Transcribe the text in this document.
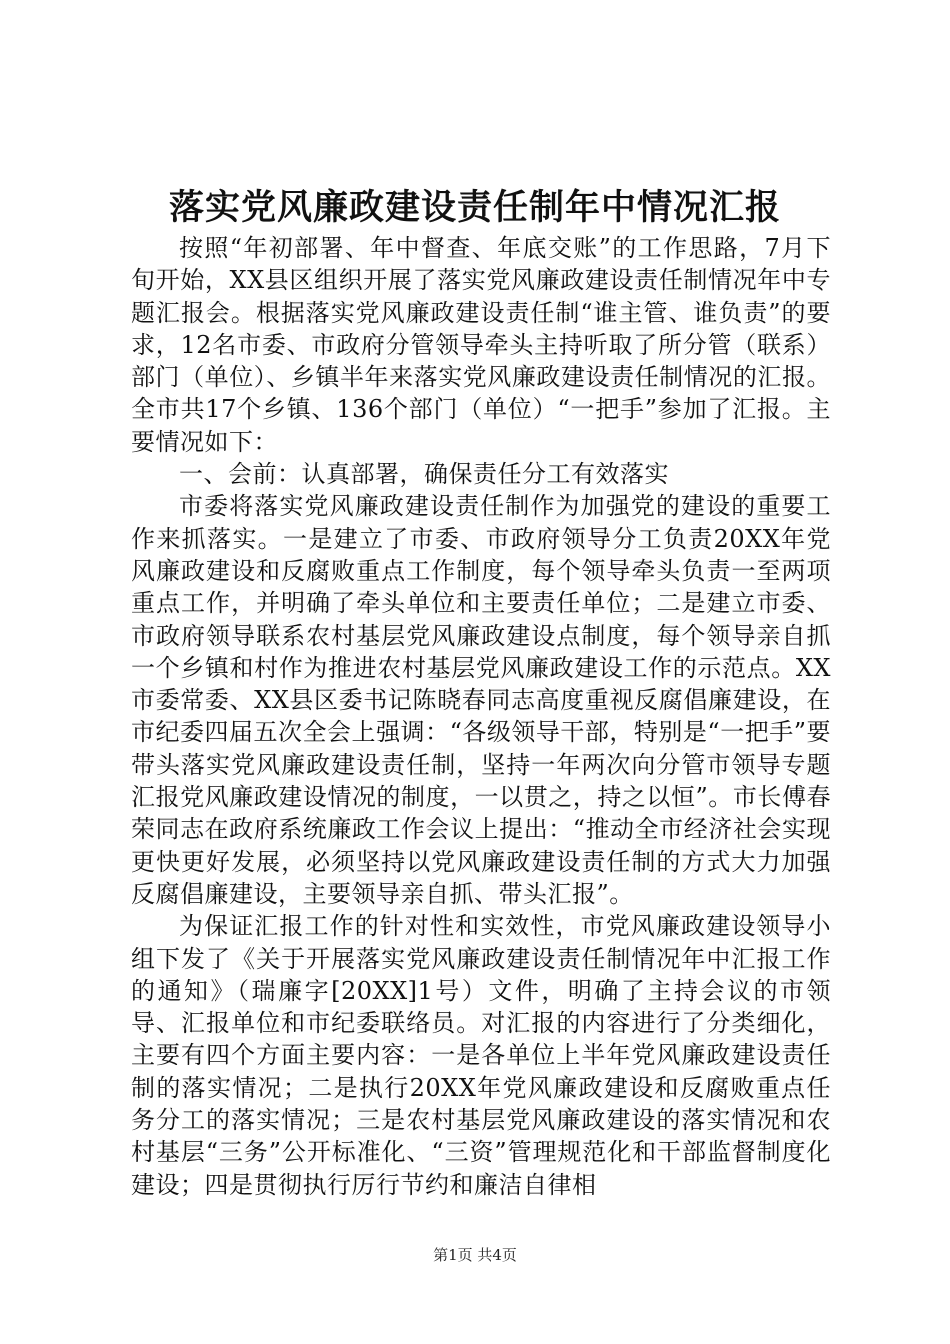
落实党风廉政建设责任制年中情况汇报

按照“年初部署、年中督查、年底交账”的工作思路，7月下旬开始，XX县区组织开展了落实党风廉政建设责任制情况年中专题汇报会。根据落实党风廉政建设责任制“谁主管、谁负责”的要求，12名市委、市政府分管领导牵头主持听取了所分管（联系）部门（单位）、乡镇半年来落实党风廉政建设责任制情况的汇报。全市共17个乡镇、136个部门（单位）“一把手”参加了汇报。主要情况如下：

一、会前：认真部署，确保责任分工有效落实

市委将落实党风廉政建设责任制作为加强党的建设的重要工作来抓落实。一是建立了市委、市政府领导分工负责20XX年党风廉政建设和反腐败重点工作制度，每个领导牵头负责一至两项重点工作，并明确了牵头单位和主要责任单位；二是建立市委、市政府领导联系农村基层党风廉政建设点制度，每个领导亲自抓一个乡镇和村作为推进农村基层党风廉政建设工作的示范点。XX市委常委、XX县区委书记陈晓春同志高度重视反腐倡廉建设，在市纪委四届五次全会上强调：“各级领导干部，特别是“一把手”要带头落实党风廉政建设责任制，坚持一年两次向分管市领导专题汇报党风廉政建设情况的制度，一以贯之，持之以恒”。市长傅春荣同志在政府系统廉政工作会议上提出：“推动全市经济社会实现更快更好发展，必须坚持以党风廉政建设责任制的方式大力加强反腐倡廉建设，主要领导亲自抓、带头汇报”。

为保证汇报工作的针对性和实效性，市党风廉政建设领导小组下发了《关于开展落实党风廉政建设责任制情况年中汇报工作的通知》（瑞廉字[20XX]1号）文件，明确了主持会议的市领导、汇报单位和市纪委联络员。对汇报的内容进行了分类细化，主要有四个方面主要内容：一是各单位上半年党风廉政建设责任制的落实情况；二是执行20XX年党风廉政建设和反腐败重点任务分工的落实情况；三是农村基层党风廉政建设的落实情况和农村基层“三务”公开标准化、“三资”管理规范化和干部监督制度化建设；四是贯彻执行厉行节约和廉洁自律相

第1页 共4页
